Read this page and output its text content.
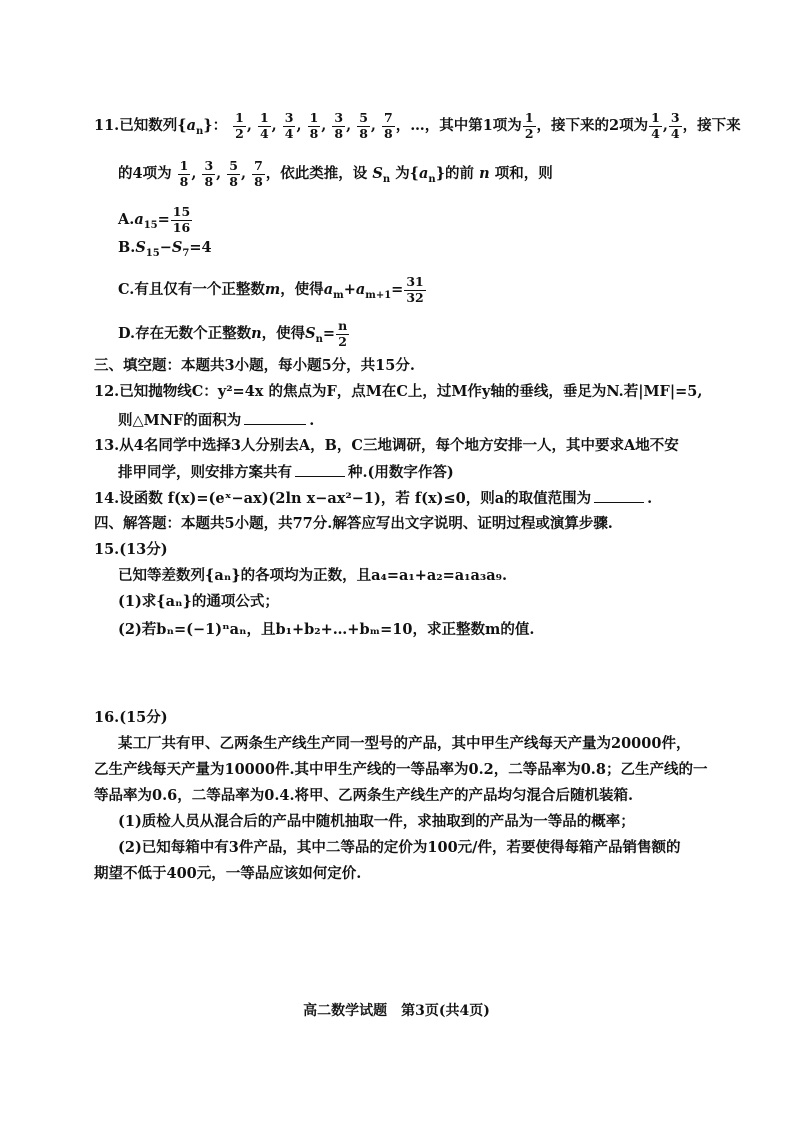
11.已知数列$\{a_n\}$： $\frac{1}{2}$ , $\frac{1}{4}$ , $\frac{3}{4}$ , $\frac{1}{8}$ , $\frac{3}{8}$ , $\frac{5}{8}$ , $\frac{7}{8}$ ，…，其中第1项为 $\frac{1}{2}$ ，接下来的2项为 $\frac{1}{4}$ , $\frac{3}{4}$ ，接下来
的4项为 $\frac{1}{8}$ , $\frac{3}{8}$ , $\frac{5}{8}$ , $\frac{7}{8}$ ，依此类推，设 $S_n$ 为$\{a_n\}$的前 n 项和，则
$A.a_{15}= \frac{15}{16}$
$B.S_{15}-S_7=4$
C.有且仅有一个正整数m，使得$a_m+a_{m+1}= \frac{31}{32}$
D.存在无数个正整数n，使得$S_n= \frac{n}{2}$
三、填空题：本题共3小题，每小题5分，共15分.
12.已知抛物线C：y²=4x 的焦点为F，点M在C上，过M作y轴的垂线，垂足为N.若|MF|=5,
则△MNF的面积为	.
13.从4名同学中选择3人分别去A，B，C三地调研，每个地方安排一人，其中要求A地不安
排甲同学，则安排方案共有	种.(用数字作答)
14.设函数 f(x)=(eˣ−ax)(2ln x−ax²−1)，若 f(x)≤0，则a的取值范围为	.
四、解答题：本题共5小题，共77分.解答应写出文字说明、证明过程或演算步骤.
15.(13分)
已知等差数列{aₙ}的各项均为正数，且a₄=a₁+a₂=a₁a₃a₉.
(1)求{aₙ}的通项公式；
(2)若bₙ=(−1)ⁿaₙ，且b₁+b₂+…+bₘ=10，求正整数m的值.
16.(15分)
某工厂共有甲、乙两条生产线生产同一型号的产品，其中甲生产线每天产量为20000件，
乙生产线每天产量为10000件.其中甲生产线的一等品率为0.2，二等品率为0.8；乙生产线的一
等品率为0.6，二等品率为0.4.将甲、乙两条生产线生产的产品均匀混合后随机装箱.
(1)质检人员从混合后的产品中随机抽取一件，求抽取到的产品为一等品的概率；
(2)已知每箱中有3件产品，其中二等品的定价为100元/件，若要使得每箱产品销售额的
期望不低于400元，一等品应该如何定价.
高二数学试题　第3页(共4页)
